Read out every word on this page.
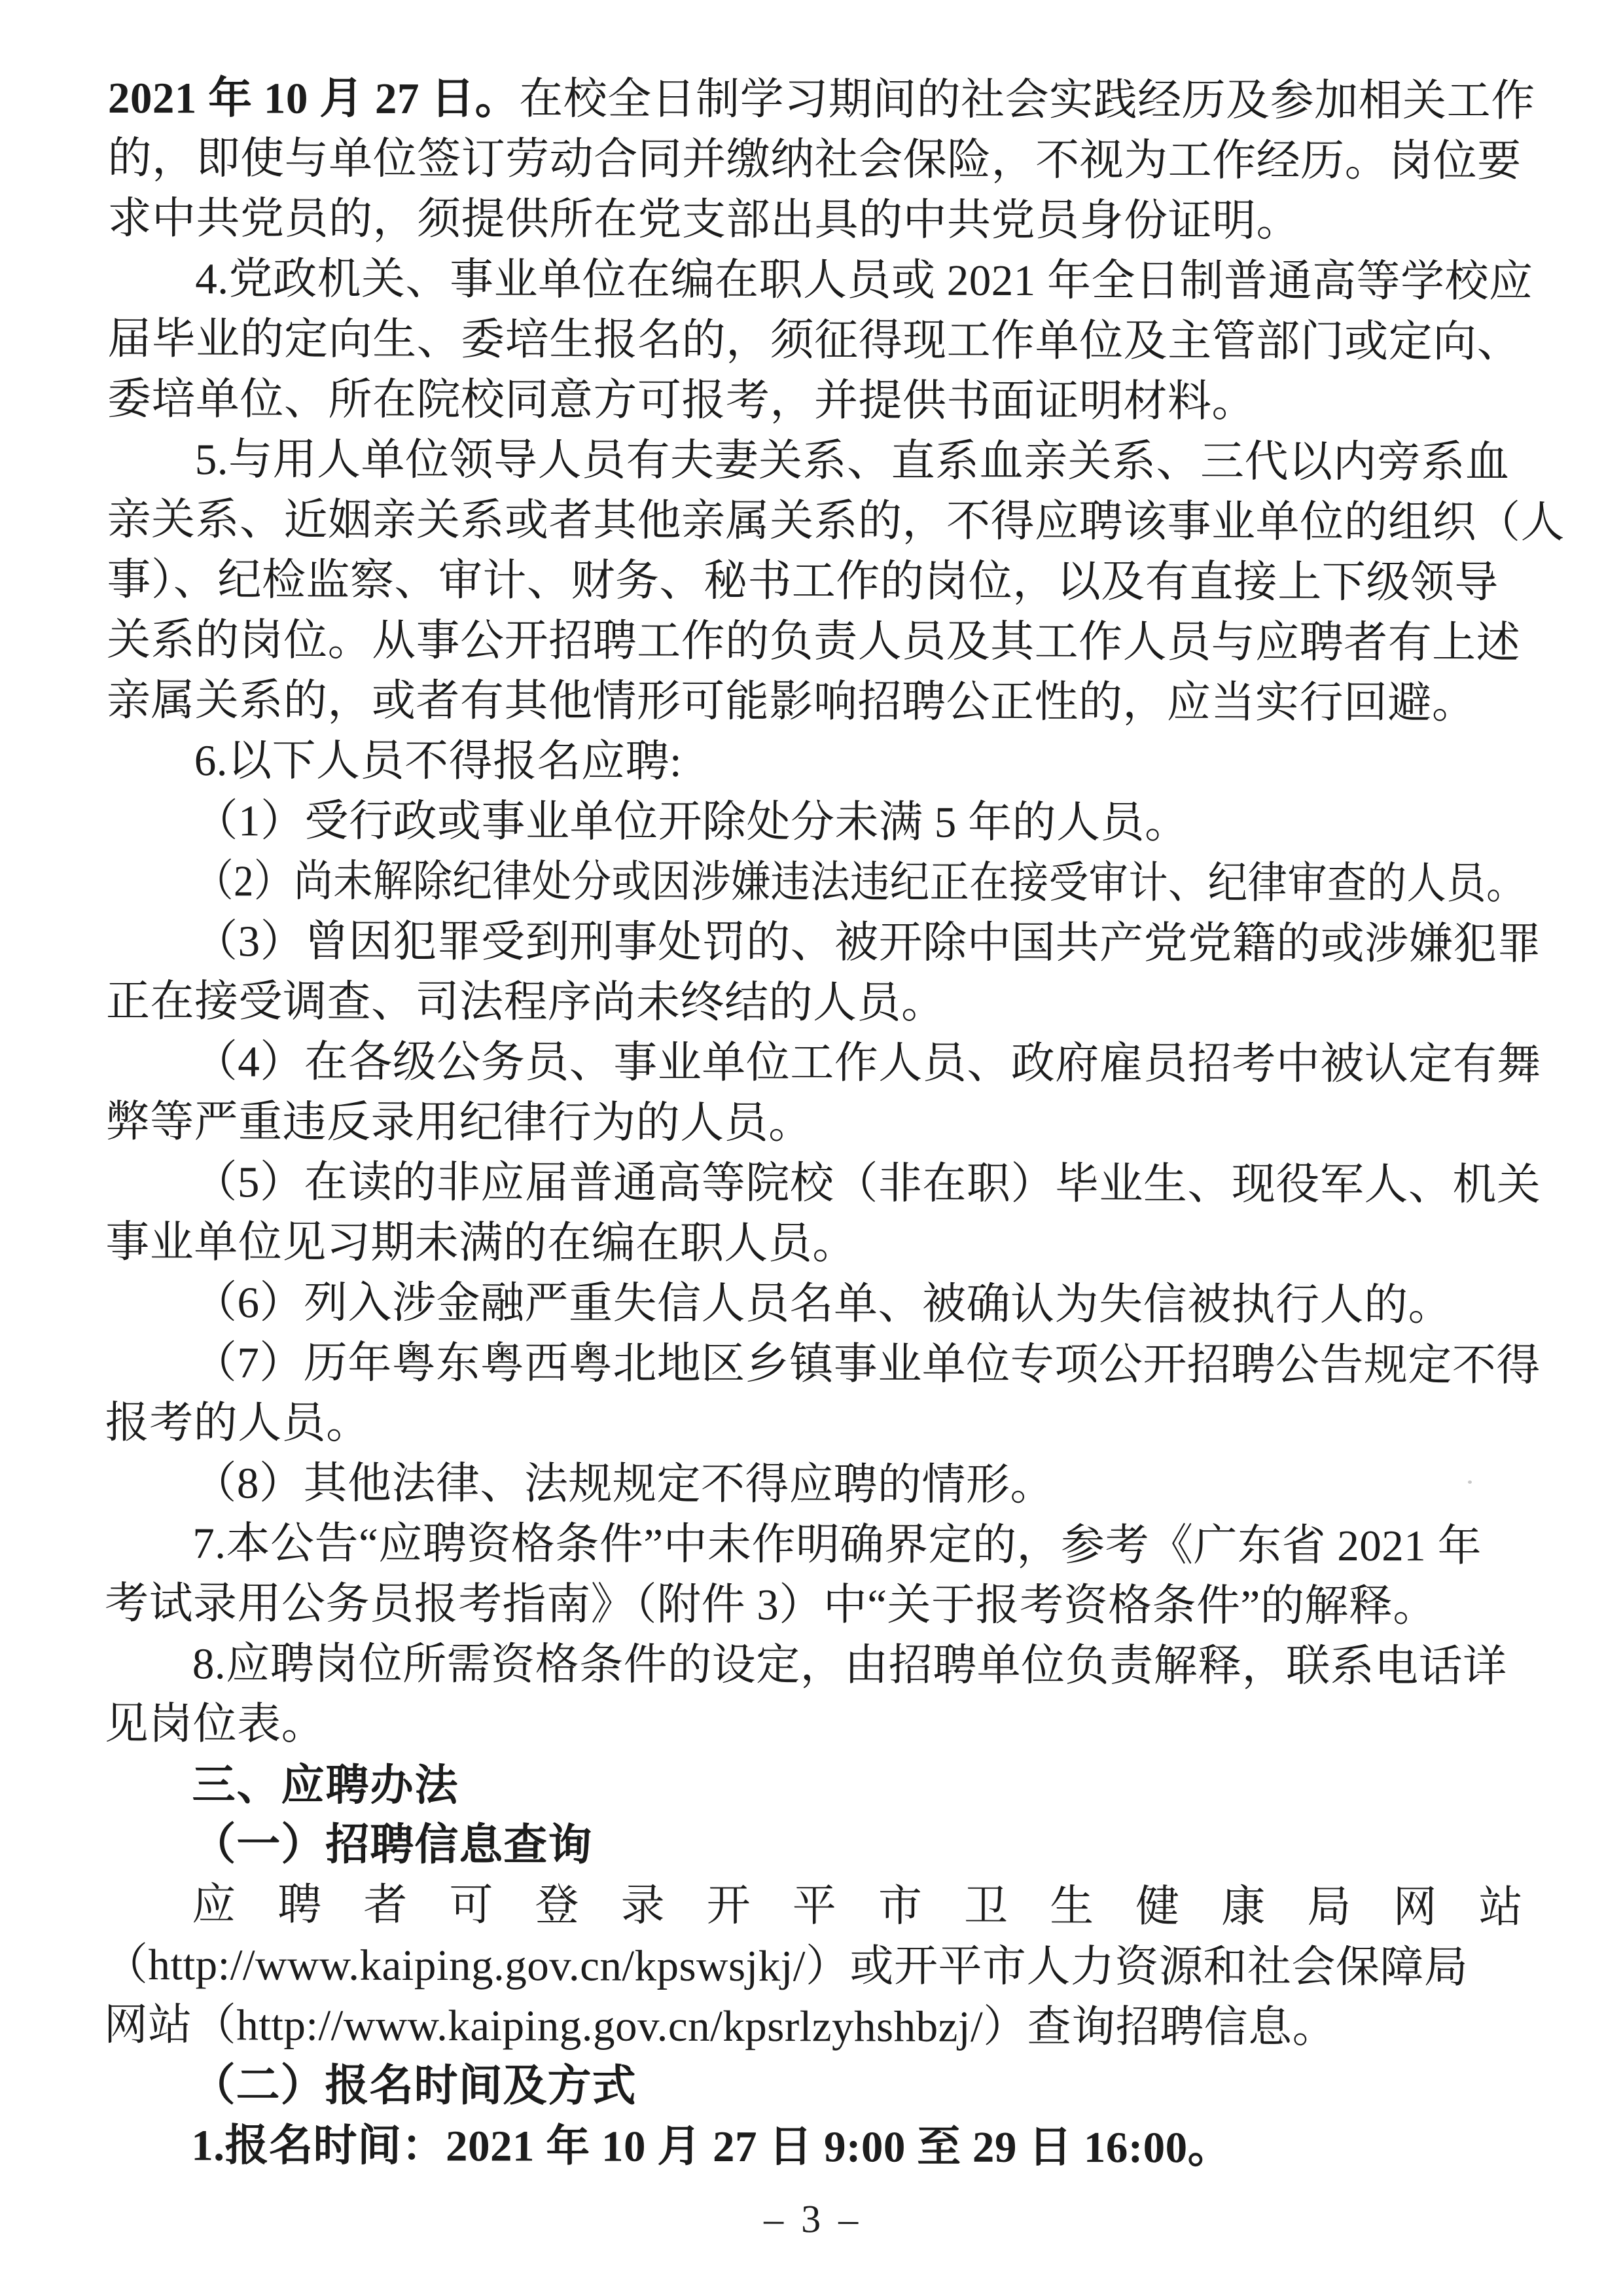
2021 年 10 月 27 日。在校全日制学习期间的社会实践经历及参加相关工作
的，即使与单位签订劳动合同并缴纳社会保险，不视为工作经历。岗位要
求中共党员的，须提供所在党支部出具的中共党员身份证明。
4.党政机关、事业单位在编在职人员或 2021 年全日制普通高等学校应
届毕业的定向生、委培生报名的，须征得现工作单位及主管部门或定向、
委培单位、所在院校同意方可报考，并提供书面证明材料。
5.与用人单位领导人员有夫妻关系、直系血亲关系、三代以内旁系血
亲关系、近姻亲关系或者其他亲属关系的，不得应聘该事业单位的组织（人
事）、纪检监察、审计、财务、秘书工作的岗位，以及有直接上下级领导
关系的岗位。从事公开招聘工作的负责人员及其工作人员与应聘者有上述
亲属关系的，或者有其他情形可能影响招聘公正性的，应当实行回避。
6.以下人员不得报名应聘:
（1）受行政或事业单位开除处分未满 5 年的人员。
（2）尚未解除纪律处分或因涉嫌违法违纪正在接受审计、纪律审查的人员。
（3）曾因犯罪受到刑事处罚的、被开除中国共产党党籍的或涉嫌犯罪
正在接受调查、司法程序尚未终结的人员。
（4）在各级公务员、事业单位工作人员、政府雇员招考中被认定有舞
弊等严重违反录用纪律行为的人员。
（5）在读的非应届普通高等院校（非在职）毕业生、现役军人、机关
事业单位见习期未满的在编在职人员。
（6）列入涉金融严重失信人员名单、被确认为失信被执行人的。
（7）历年粤东粤西粤北地区乡镇事业单位专项公开招聘公告规定不得
报考的人员。
（8）其他法律、法规规定不得应聘的情形。
7.本公告“应聘资格条件”中未作明确界定的，参考《广东省 2021 年
考试录用公务员报考指南》（附件 3）中“关于报考资格条件”的解释。
8.应聘岗位所需资格条件的设定，由招聘单位负责解释，联系电话详
见岗位表。
三、应聘办法
（一）招聘信息查询
应 聘 者 可 登 录 开 平 市 卫 生 健 康 局 网 站
（http://www.kaiping.gov.cn/kpswsjkj/）或开平市人力资源和社会保障局
网站（http://www.kaiping.gov.cn/kpsrlzyhshbzj/）查询招聘信息。
（二）报名时间及方式
1.报名时间：2021 年 10 月 27 日 9:00 至 29 日 16:00。
– 3 –
